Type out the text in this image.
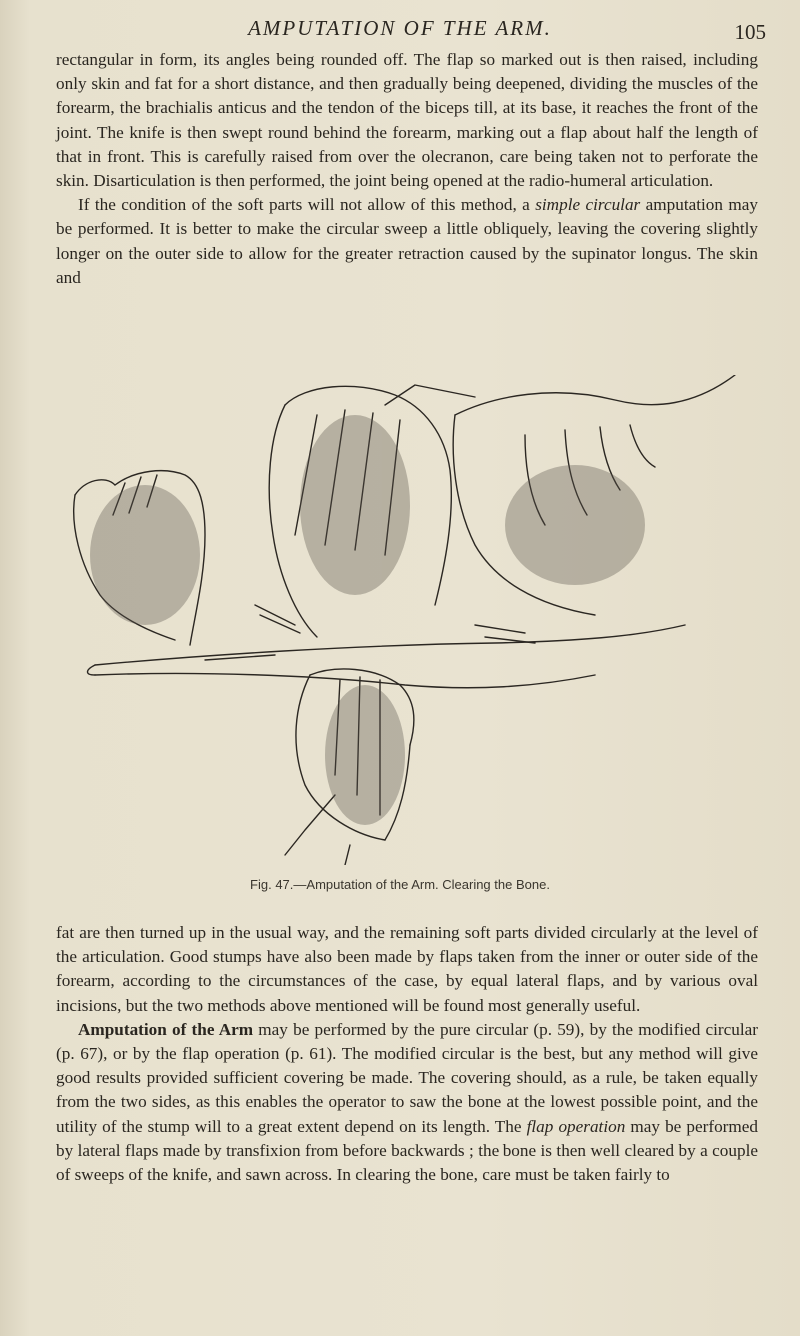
AMPUTATION OF THE ARM.	105

rectangular in form, its angles being rounded off. The flap so marked out is then raised, including only skin and fat for a short distance, and then gradually being deepened, dividing the muscles of the forearm, the brachialis anticus and the tendon of the biceps till, at its base, it reaches the front of the joint. The knife is then swept round behind the forearm, marking out a flap about half the length of that in front. This is carefully raised from over the olecranon, care being taken not to perforate the skin. Disarticulation is then performed, the joint being opened at the radio-humeral articulation.

If the condition of the soft parts will not allow of this method, a simple circular amputation may be performed. It is better to make the circular sweep a little obliquely, leaving the covering slightly longer on the outer side to allow for the greater retraction caused by the supinator longus. The skin and

Fig. 47.—Amputation of the Arm. Clearing the Bone.

fat are then turned up in the usual way, and the remaining soft parts divided circularly at the level of the articulation. Good stumps have also been made by flaps taken from the inner or outer side of the forearm, according to the circumstances of the case, by equal lateral flaps, and by various oval incisions, but the two methods above mentioned will be found most generally useful.

Amputation of the Arm may be performed by the pure circular (p. 59), by the modified circular (p. 67), or by the flap operation (p. 61). The modified circular is the best, but any method will give good results provided sufficient covering be made. The covering should, as a rule, be taken equally from the two sides, as this enables the operator to saw the bone at the lowest possible point, and the utility of the stump will to a great extent depend on its length. The flap operation may be performed by lateral flaps made by transfixion from before backwards ; the bone is then well cleared by a couple of sweeps of the knife, and sawn across. In clearing the bone, care must be taken fairly to
